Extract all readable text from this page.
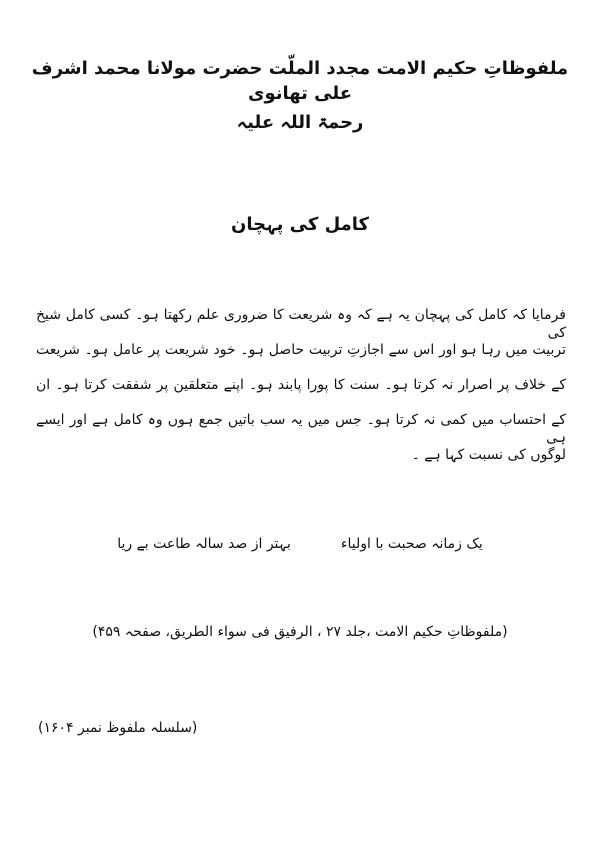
ملفوظاتِ حکیم الامت مجدد الملّت حضرت مولانا محمد اشرف علی تھانوی
رحمۃ اللہ علیہ
کامل کی پہچان
فرمایا کہ کامل کی پہچان یہ ہے کہ وہ شریعت کا ضروری علم رکھتا ہو۔ کسی کامل شیخ کی
تربیت میں رہا ہو اور اس سے اجازتِ تربیت حاصل ہو۔ خود شریعت پر عامل ہو۔ شریعت
کے خلاف پر اصرار نہ کرتا ہو۔ سنت کا پورا پابند ہو۔ اپنے متعلقین پر شفقت کرتا ہو۔ ان
کے احتساب میں کمی نہ کرتا ہو۔ جس میں یہ سب باتیں جمع ہوں وہ کامل ہے اور ایسے ہی
لوگوں کی نسبت کہا ہے ۔
یک زمانہ صحبت با اولیاء
بہتر از صد سالہ طاعت بے ریا
(ملفوظاتِ حکیم الامت ،جلد ۲۷ ، الرفیق فی سواء الطریق، صفحہ ۴۵۹)
(سلسلہ ملفوظ نمبر ۱۶۰۴)
